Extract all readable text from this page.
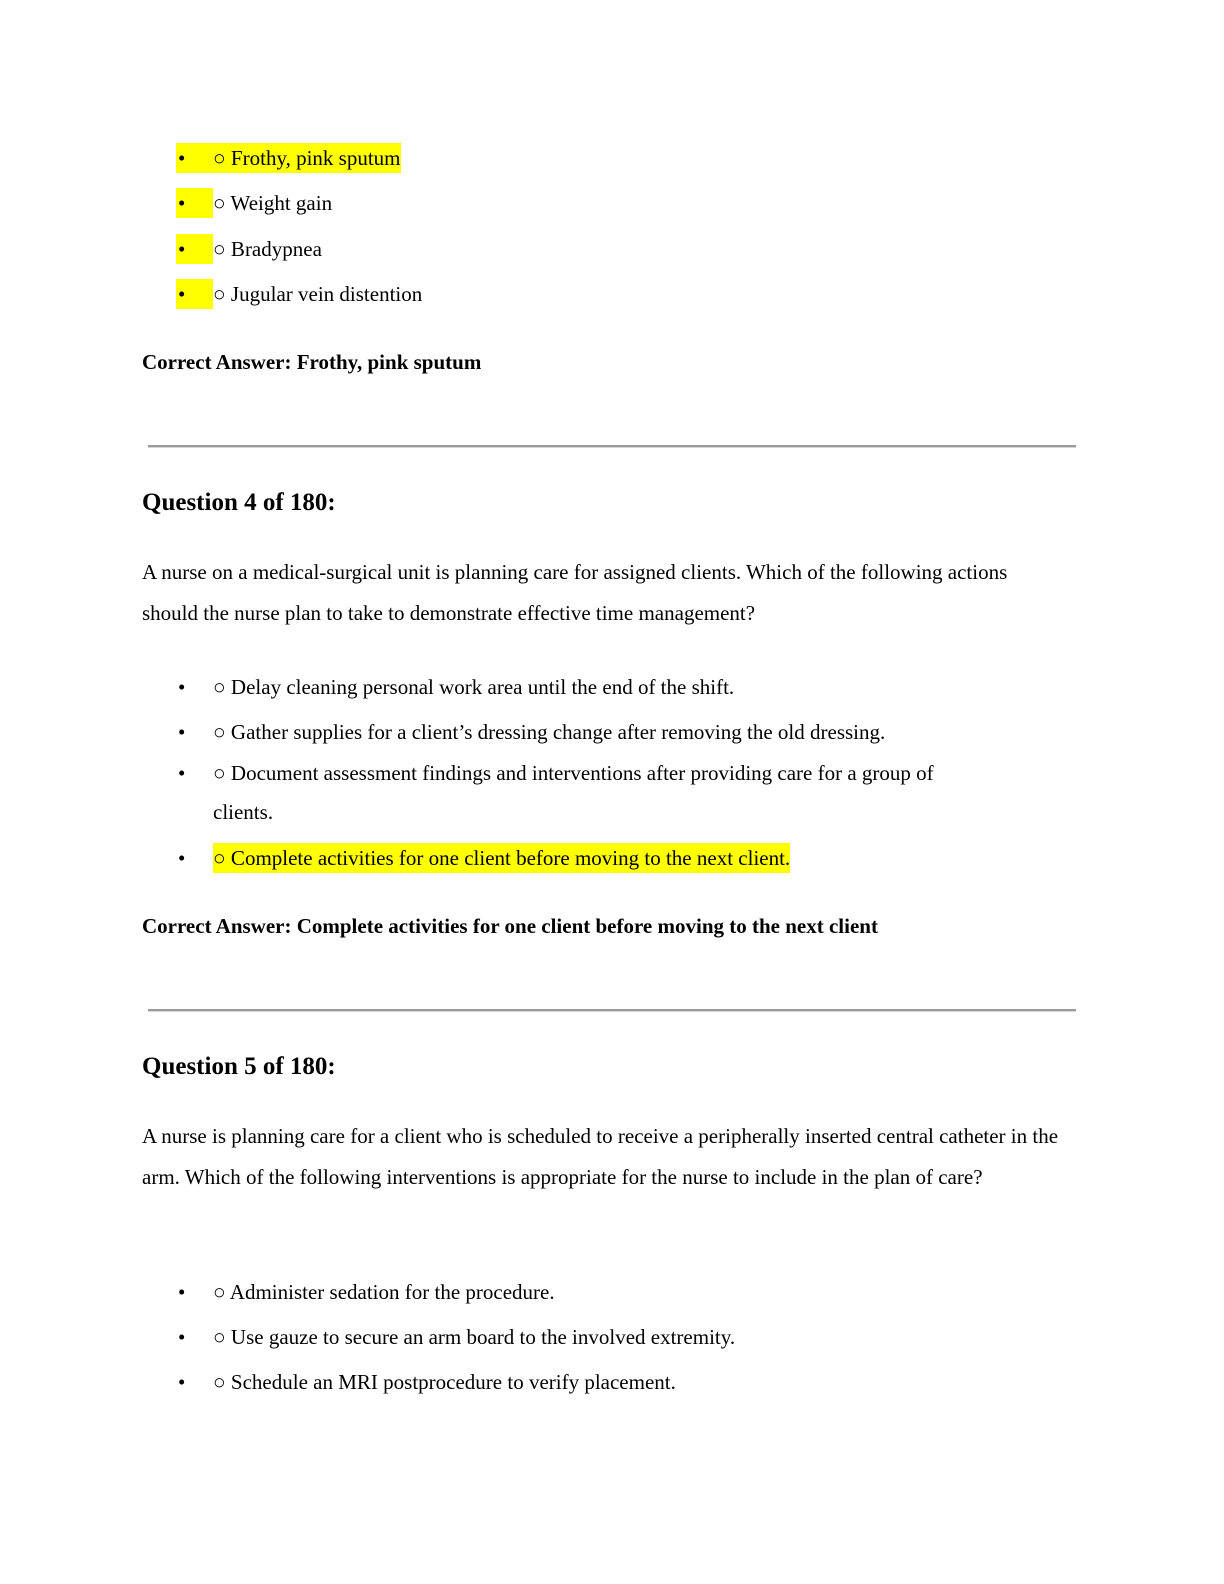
• ○ Frothy, pink sputum
• ○ Weight gain
• ○ Bradypnea
• ○ Jugular vein distention
Correct Answer: Frothy, pink sputum
Question 4 of 180:
A nurse on a medical-surgical unit is planning care for assigned clients. Which of the following actions should the nurse plan to take to demonstrate effective time management?
• ○ Delay cleaning personal work area until the end of the shift.
• ○ Gather supplies for a client’s dressing change after removing the old dressing.
• ○ Document assessment findings and interventions after providing care for a group of
clients.
• ○ Complete activities for one client before moving to the next client.
Correct Answer: Complete activities for one client before moving to the next client
Question 5 of 180:
A nurse is planning care for a client who is scheduled to receive a peripherally inserted central catheter in the arm. Which of the following interventions is appropriate for the nurse to include in the plan of care?
• ○ Administer sedation for the procedure.
• ○ Use gauze to secure an arm board to the involved extremity.
• ○ Schedule an MRI postprocedure to verify placement.
